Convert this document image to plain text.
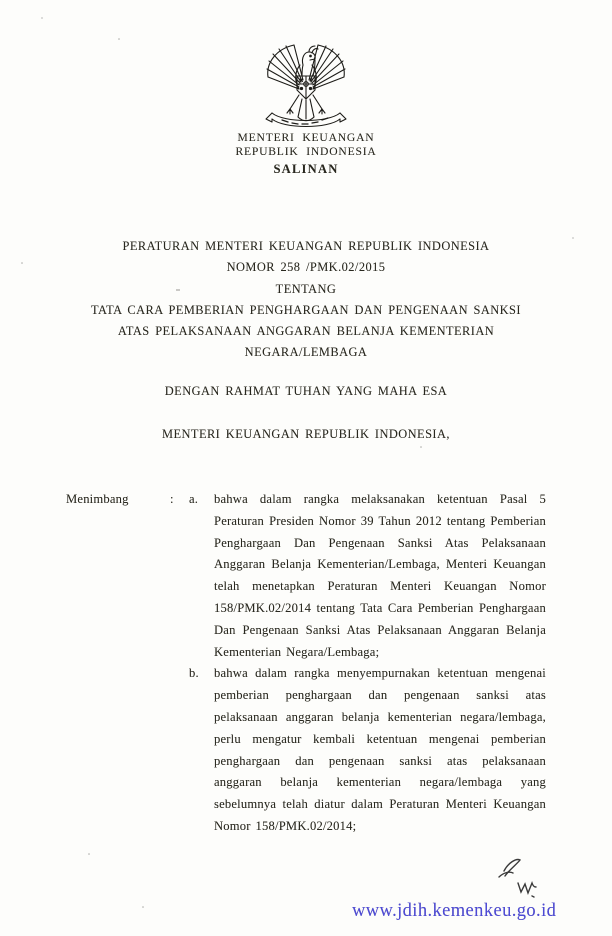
MENTERI KEUANGAN
REPUBLIK INDONESIA
SALINAN
PERATURAN MENTERI KEUANGAN REPUBLIK INDONESIA
NOMOR 258 /PMK.02/2015
TENTANG
TATA CARA PEMBERIAN PENGHARGAAN DAN PENGENAAN SANKSI
ATAS PELAKSANAAN ANGGARAN BELANJA KEMENTERIAN
NEGARA/LEMBAGA
DENGAN RAHMAT TUHAN YANG MAHA ESA
MENTERI KEUANGAN REPUBLIK INDONESIA,
Menimbang	:	a.	bahwa dalam rangka melaksanakan ketentuan Pasal 5 Peraturan Presiden Nomor 39 Tahun 2012 tentang Pemberian Penghargaan Dan Pengenaan Sanksi Atas Pelaksanaan Anggaran Belanja Kementerian/Lembaga, Menteri Keuangan telah menetapkan Peraturan Menteri Keuangan Nomor 158/PMK.02/2014 tentang Tata Cara Pemberian Penghargaan Dan Pengenaan Sanksi Atas Pelaksanaan Anggaran Belanja Kementerian Negara/Lembaga;
b.	bahwa dalam rangka menyempurnakan ketentuan mengenai pemberian penghargaan dan pengenaan sanksi atas pelaksanaan anggaran belanja kementerian negara/lembaga, perlu mengatur kembali ketentuan mengenai pemberian penghargaan dan pengenaan sanksi atas pelaksanaan anggaran belanja kementerian negara/lembaga yang sebelumnya telah diatur dalam Peraturan Menteri Keuangan Nomor 158/PMK.02/2014;
www.jdih.kemenkeu.go.id
